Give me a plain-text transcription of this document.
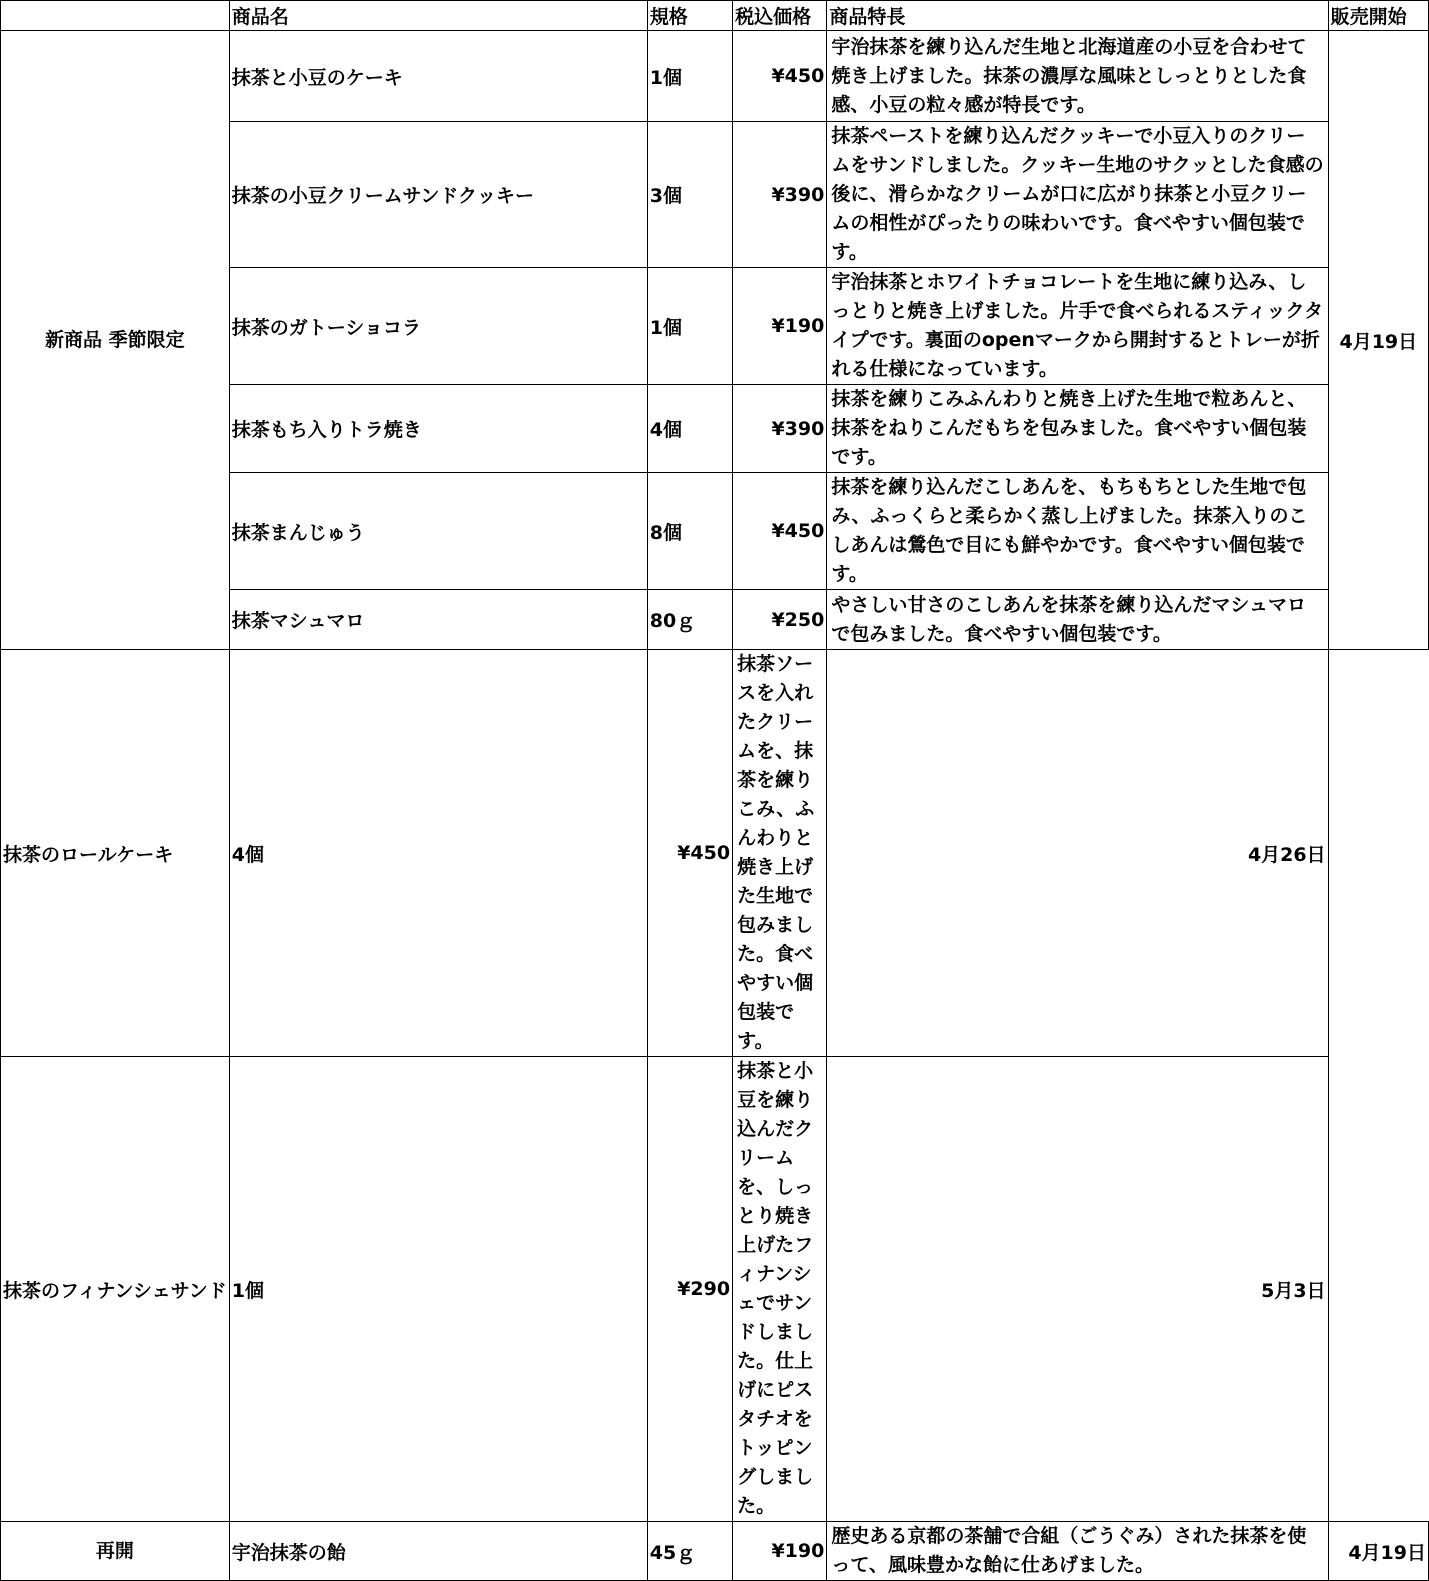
	商品名	規格	税込価格	商品特長	販売開始
新商品 季節限定	抹茶と小豆のケーキ	1個	¥450	宇治抹茶を練り込んだ生地と北海道産の小豆を合わせて焼き上げました。抹茶の濃厚な風味としっとりとした食感、小豆の粒々感が特長です。	4月19日
	抹茶の小豆クリームサンドクッキー	3個	¥390	抹茶ペーストを練り込んだクッキーで小豆入りのクリームをサンドしました。クッキー生地のサクッとした食感の後に、滑らかなクリームが口に広がり抹茶と小豆クリームの相性がぴったりの味わいです。食べやすい個包装です。	
	抹茶のガトーショコラ	1個	¥190	宇治抹茶とホワイトチョコレートを生地に練り込み、しっとりと焼き上げました。片手で食べられるスティックタイプです。裏面のopenマークから開封するとトレーが折れる仕様になっています。	
	抹茶もち入りトラ焼き	4個	¥390	抹茶を練りこみふんわりと焼き上げた生地で粒あんと、抹茶をねりこんだもちを包みました。食べやすい個包装です。	
	抹茶まんじゅう	8個	¥450	抹茶を練り込んだこしあんを、もちもちとした生地で包み、ふっくらと柔らかく蒸し上げました。抹茶入りのこしあんは鶯色で目にも鮮やかです。食べやすい個包装です。	
	抹茶マシュマロ	80ｇ	¥250	やさしい甘さのこしあんを抹茶を練り込んだマシュマロで包みました。食べやすい個包装です。	
抹茶のロールケーキ	4個	¥450	抹茶ソースを入れたクリームを、抹茶を練りこみ、ふんわりと焼き上げた生地で包みました。食べやすい個包装です。	4月26日	
抹茶のフィナンシェサンド	1個	¥290	抹茶と小豆を練り込んだクリームを、しっとり焼き上げたフィナンシェでサンドしました。仕上げにピスタチオをトッピングしました。	5月3日	
再開	宇治抹茶の飴	45ｇ	¥190	歴史ある京都の茶舗で合組（ごうぐみ）された抹茶を使って、風味豊かな飴に仕あげました。	4月19日
